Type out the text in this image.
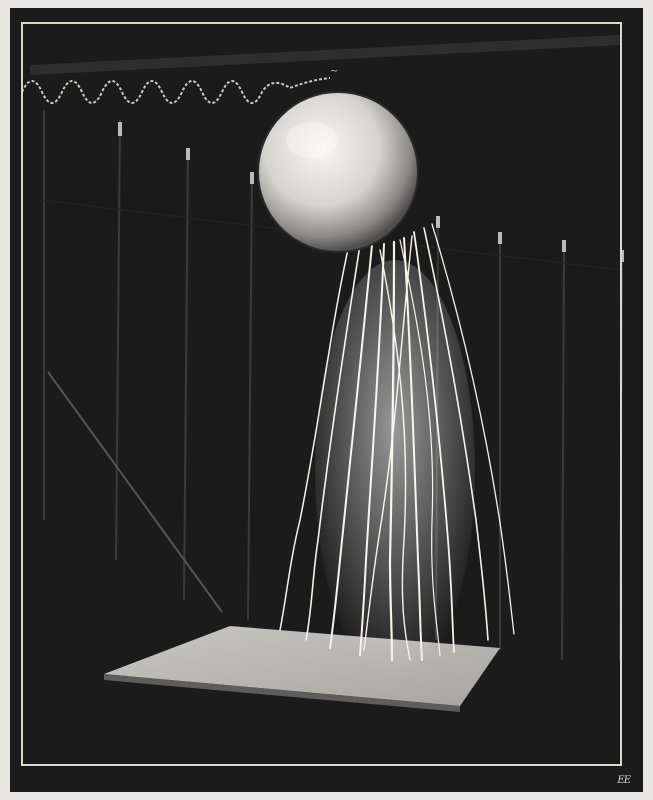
~
EE
